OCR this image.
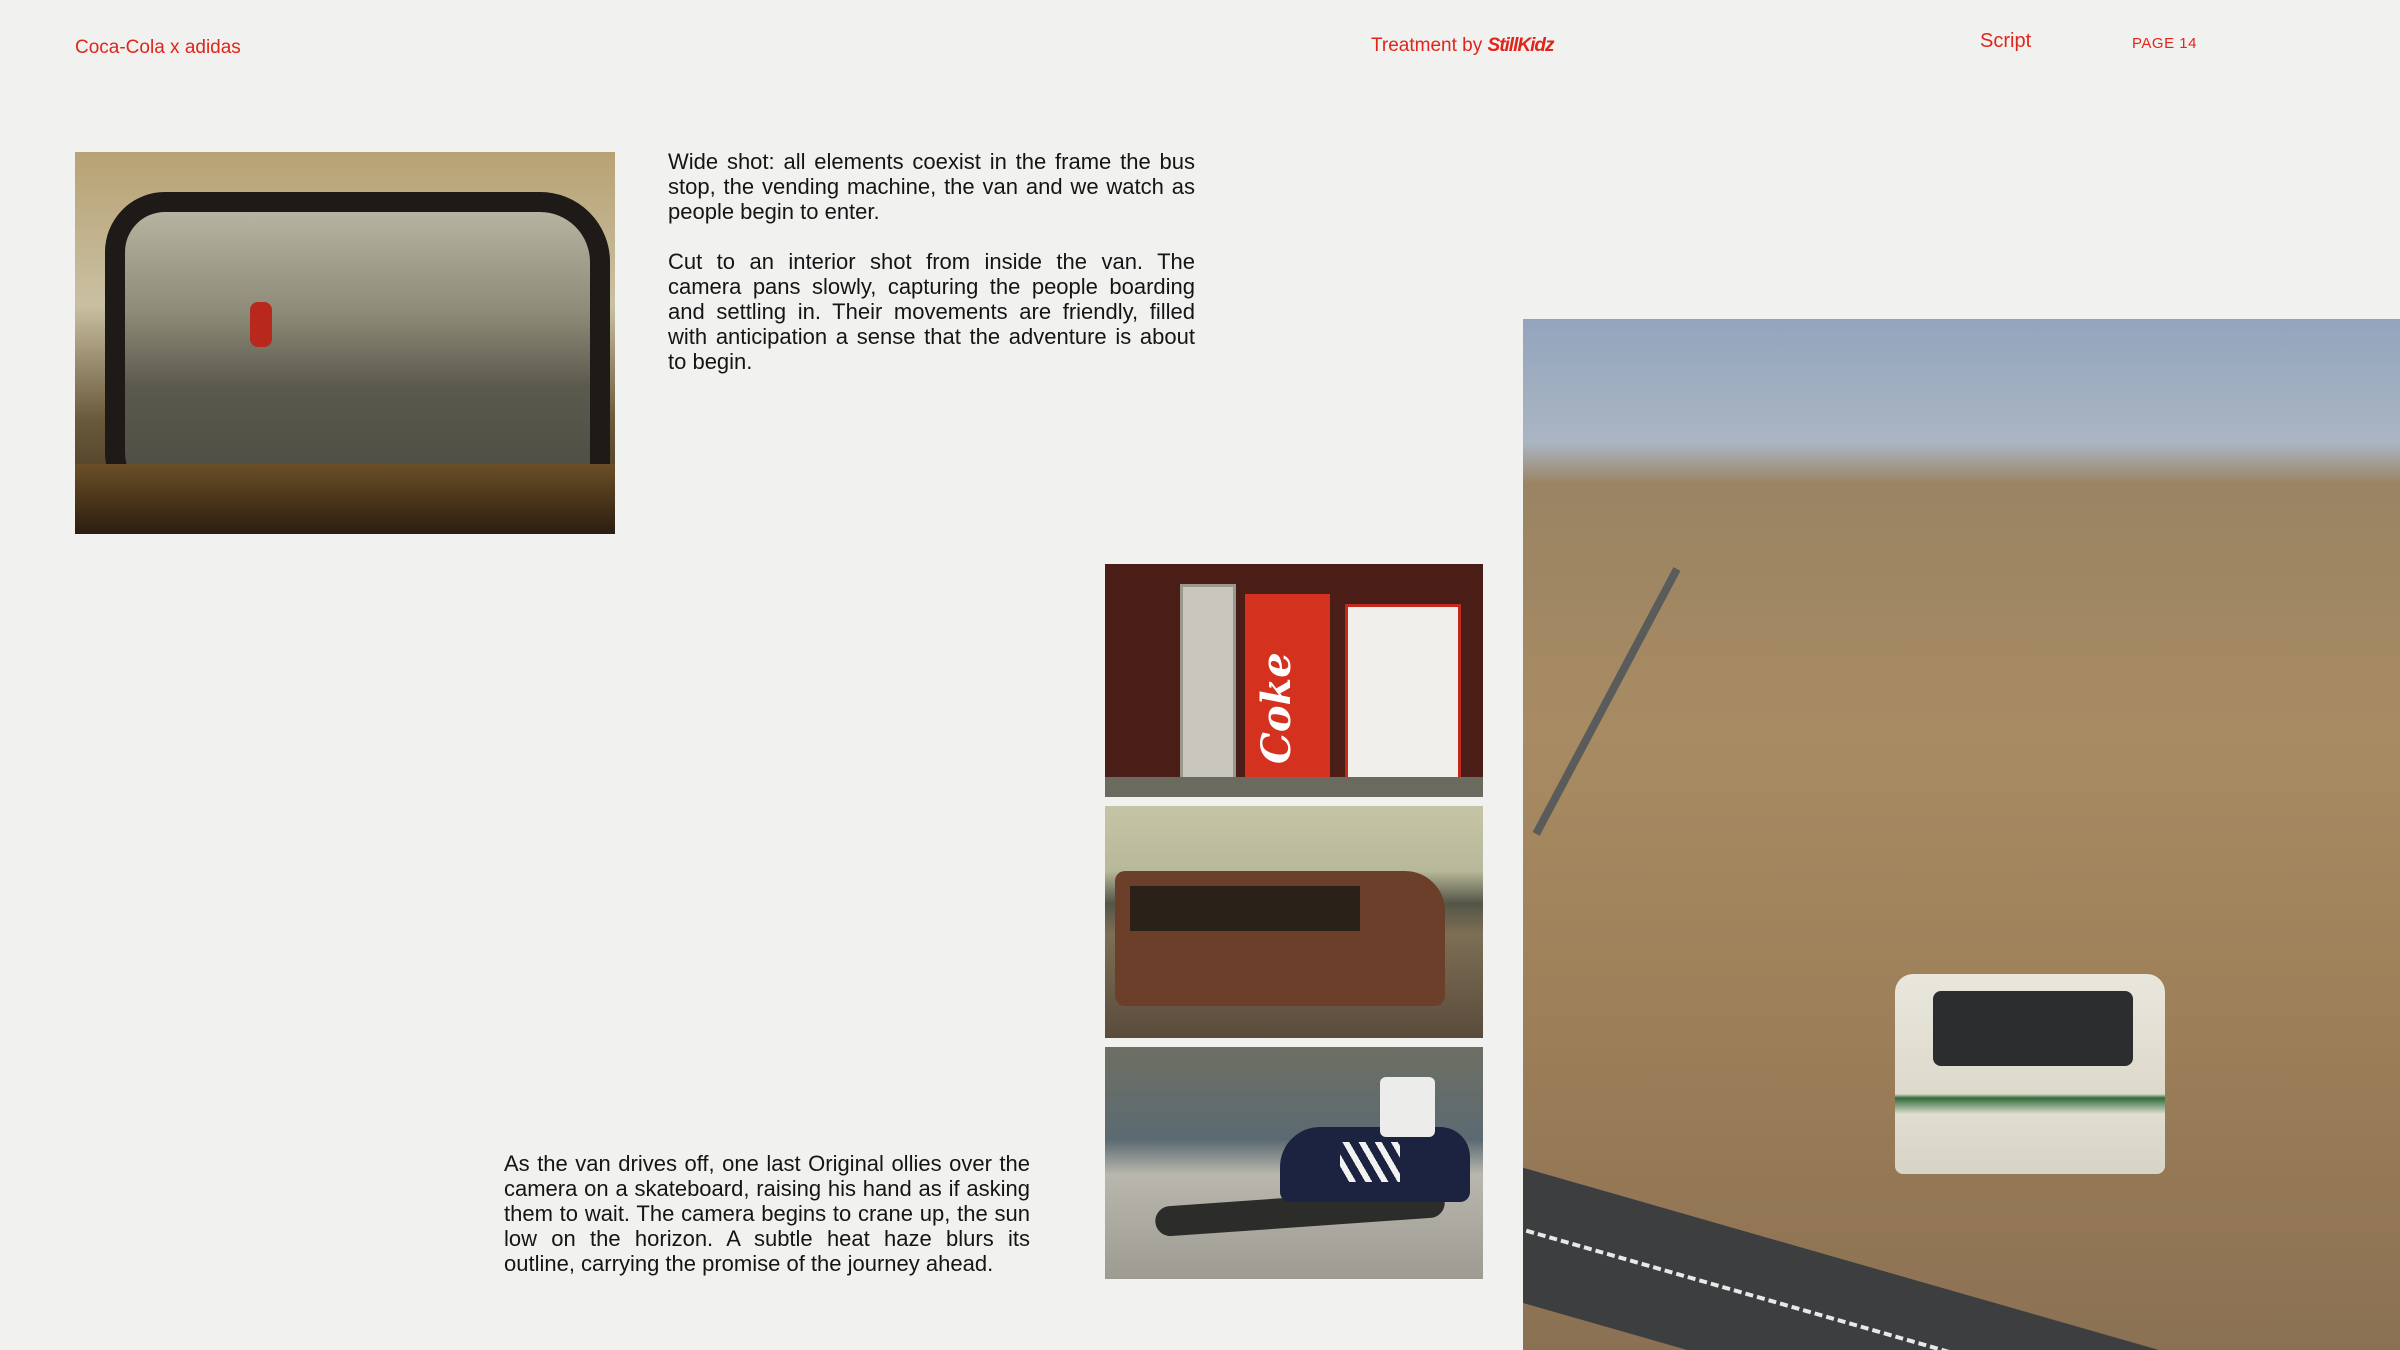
Coca-Cola x adidas	Treatment by StillKidz	Script	PAGE 14

Wide shot: all elements coexist in the frame the bus stop, the vending machine, the van and we watch as people begin to enter.

Cut to an interior shot from inside the van. The camera pans slowly, capturing the people boarding and settling in. Their movements are friendly, filled with anticipation a sense that the adventure is about to begin.

As the van drives off, one last Original ollies over the camera on a skateboard, raising his hand as if asking them to wait. The camera begins to crane up, the sun low on the horizon. A subtle heat haze blurs its outline, carrying the promise of the journey ahead.

Coke
